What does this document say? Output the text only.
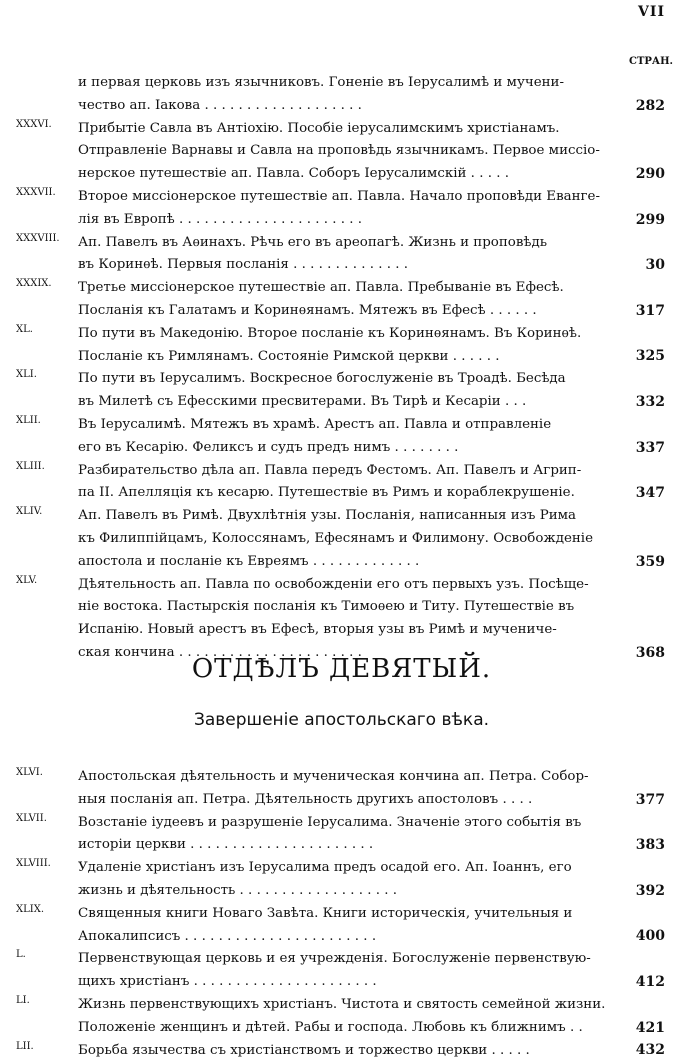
VII
СТРАН.
и первая церковь изъ язычниковъ. Гоненіе въ Іерусалимѣ и мучени-
чество ап. Іакова . . . . . . . . . . . . . . . . . . .	282
XXXVI. Прибытіе Савла въ Антіохію. Пособіе іерусалимскимъ христіанамъ.
Отправленіе Варнавы и Савла на проповѣдь язычникамъ. Первое мисcіо-
нерское путешествіе ап. Павла. Соборъ Іерусалимскій . . . . .	290
XXXVII. Второе миссіонерское путешествіе ап. Павла. Начало проповѣди Еванге-
лія въ Европѣ . . . . . . . . . . . . . . . . . . . . . .	299
XXXVIII. Ап. Павелъ въ Аѳинахъ. Рѣчь его въ ареопагѣ. Жизнь и проповѣдь
въ Коринѳѣ. Первыя посланія . . . . . . . . . . . . . .	30
XXXIX. Третье миссіонерское путешествіе ап. Павла. Пребываніе въ Ефесѣ.
Посланія къ Галатамъ и Коринѳянамъ. Мятежъ въ Ефесѣ . . . . . .	317
XL.	По пути въ Македонію. Второе посланіе къ Коринѳянамъ. Въ Коринѳѣ.
Посланіе къ Римлянамъ. Состояніе Римской церкви . . . . . .	325
XLI.	По пути въ Іерусалимъ. Воскресное богослуженіе въ Троадѣ. Бесѣда
въ Милетѣ съ Ефесскими пресвитерами. Въ Тирѣ и Кесаріи . . .	332
XLII.	Въ Іерусалимѣ. Мятежъ въ храмѣ. Арестъ ап. Павла и отправленіе
его въ Кесарію. Феликсъ и судъ предъ нимъ . . . . . . . .	337
XLIII. Разбирательство дѣла ап. Павла передъ Фестомъ. Ап. Павелъ и Агрип-
па II. Апелляція къ кесарю. Путешествіе въ Римъ и кораблекрушеніе.	347
XLIV.	Ап. Павелъ въ Римѣ. Двухлѣтнія узы. Посланія, написанныя изъ Рима
къ Филиппійцамъ, Колоссянамъ, Ефесянамъ и Филимону. Освобожденіе
апостола и посланіе къ Евреямъ . . . . . . . . . . . . .	359
XLV.	Дѣятельность ап. Павла по освобожденіи его отъ первыхъ узъ. Посѣще-
ніе востока. Пастырскія посланія къ Тимоѳею и Титу. Путешествіе въ
Испанію. Новый арестъ въ Ефесѣ, вторыя узы въ Римѣ и мученичe-
ская кончина . . . . . . . . . . . . . . . . . . . . . .	368
ОТДѢЛЪ ДЕВЯТЫЙ.
Завершеніе апостольскаго вѣка.
XLVI.	Апостольская дѣятельность и мученическая кончина ап. Петра. Собор-
ныя посланія ап. Петра. Дѣятельность другихъ апостоловъ . . . .	377
XLVII. Возстаніе іудеевъ и разрушеніе Іерусалима. Значеніе этого событія въ
исторіи церкви . . . . . . . . . . . . . . . . . . . . . .	383
XLVIII. Удаленіе христіанъ изъ Іерусалима предъ осадой его. Ап. Іоаннъ, его
жизнь и дѣятельность . . . . . . . . . . . . . . . . . . .	392
XLIX.	Священныя книги Новаго Завѣта. Книги историческія, учительныя и
Апокалипсисъ . . . . . . . . . . . . . . . . . . . . . . .	400
L.	Первенствующая церковь и ея учрежденія. Богослуженіе первенствую-
щихъ христіанъ . . . . . . . . . . . . . . . . . . . . . .	412
LI.	Жизнь первенствующихъ христіанъ. Чистота и святость семейной жизни.
Положеніе женщинъ и дѣтей. Рабы и господа. Любовь къ ближнимъ . .	421
LII.	Борьба язычества съ христіанствомъ и торжество церкви . . . . .	432
